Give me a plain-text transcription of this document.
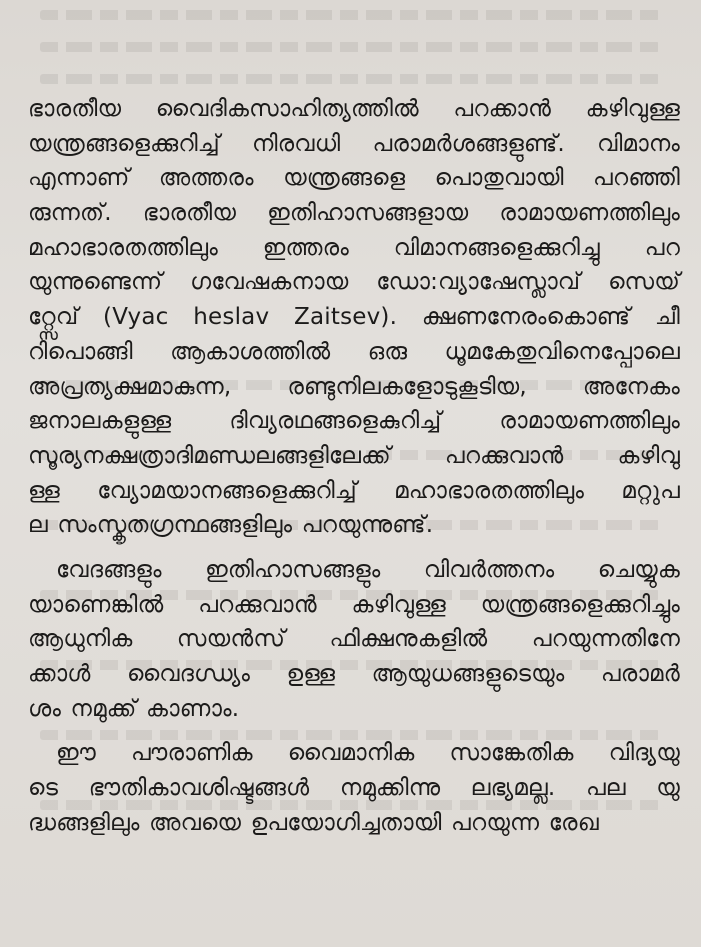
ഭാരതീയ വൈദികസാഹിത്യത്തിൽ പറക്കാൻ കഴിവുള്ള
യന്ത്രങ്ങളെക്കുറിച്ച് നിരവധി പരാമർശങ്ങളുണ്ട്. വിമാനം
എന്നാണ് അത്തരം യന്ത്രങ്ങളെ പൊതുവായി പറഞ്ഞി
രുന്നത്. ഭാരതീയ ഇതിഹാസങ്ങളായ രാമായണത്തിലും
മഹാഭാരതത്തിലും ഇത്തരം വിമാനങ്ങളെക്കുറിച്ചു പറ
യുന്നുണ്ടെന്ന് ഗവേഷകനായ ഡോ:വ്യാഷേസ്ലാവ് സെയ്
റ്റ്സേവ് (Vyac heslav Zaitsev). ക്ഷണനേരംകൊണ്ട് ചീ
റിപൊങ്ങി ആകാശത്തിൽ ഒരു ധൂമകേതുവിനെപ്പോലെ
അപ്രത്യക്ഷമാകുന്ന, രണ്ടുനിലകളോടുകൂടിയ, അനേകം
ജനാലകളുള്ള ദിവ്യരഥങ്ങളെകുറിച്ച് രാമായണത്തിലും
സൂര്യനക്ഷത്രാദിമണ്ഡലങ്ങളിലേക്ക് പറക്കുവാൻ കഴിവു
ള്ള വ്യോമയാനങ്ങളെക്കുറിച്ച് മഹാഭാരതത്തിലും മറ്റുപ
ല സംസ്കൃതഗ്രന്ഥങ്ങളിലും പറയുന്നുണ്ട്.
വേദങ്ങളും ഇതിഹാസങ്ങളും വിവർത്തനം ചെയ്യുക
യാണെങ്കിൽ പറക്കുവാൻ കഴിവുള്ള യന്ത്രങ്ങളെക്കുറിച്ചും
ആധുനിക സയൻസ് ഫിക്ഷനുകളിൽ പറയുന്നതിനേ
ക്കാൾ വൈദഗ്ധ്യം ഉള്ള ആയുധങ്ങളുടെയും പരാമർ
ശം നമുക്ക് കാണാം.
ഈ പൗരാണിക വൈമാനിക സാങ്കേതിക വിദ്യയു
ടെ ഭൗതികാവശിഷ്ടങ്ങൾ നമുക്കിന്നു ലഭ്യമല്ല. പല യു
ദ്ധങ്ങളിലും അവയെ ഉപയോഗിച്ചതായി പറയുന്ന രേഖ
